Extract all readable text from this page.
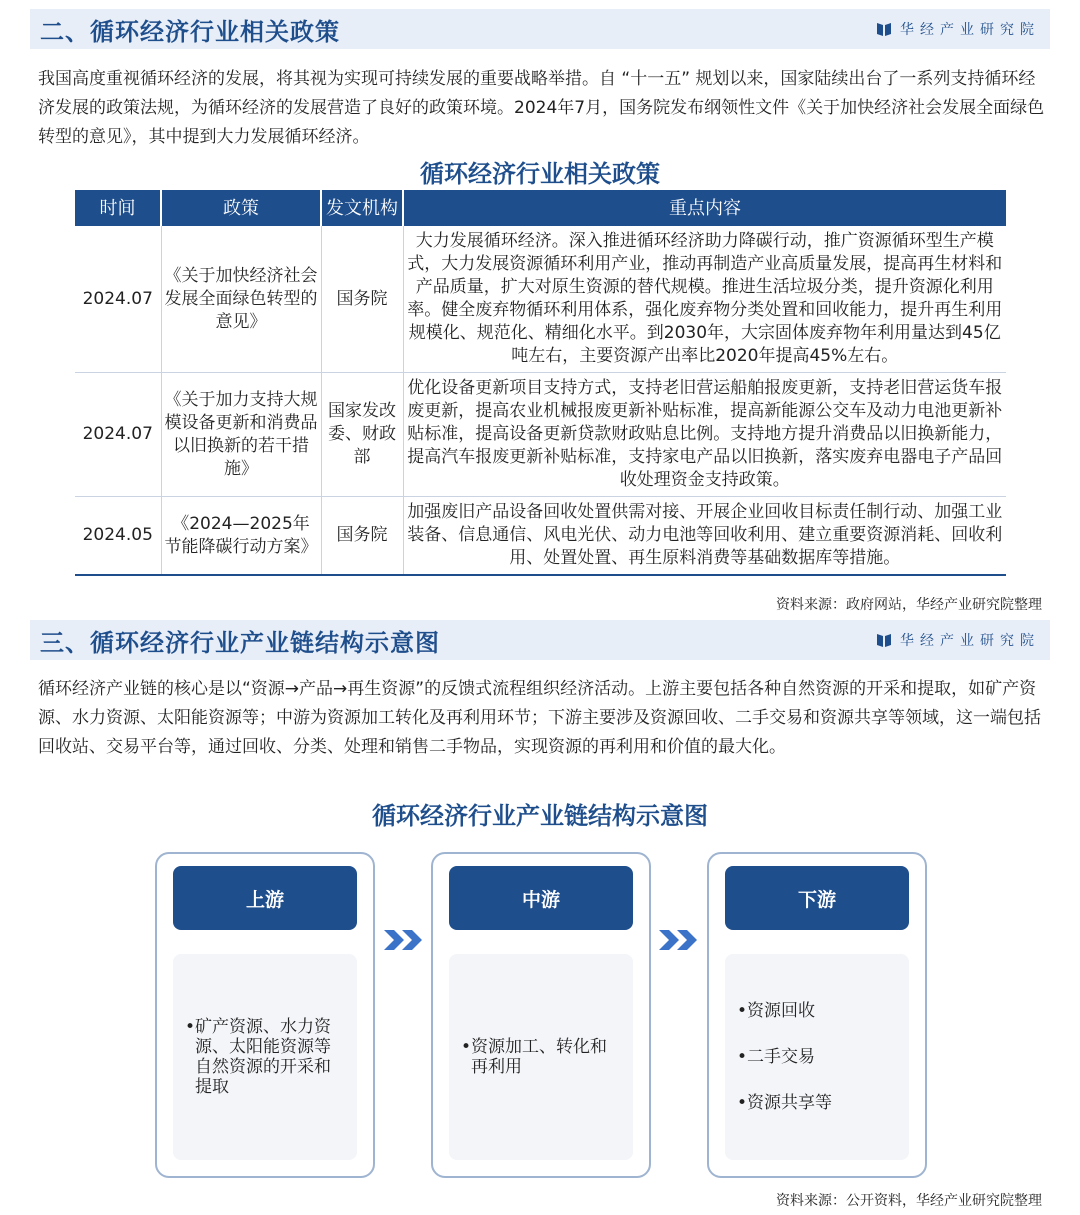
二、循环经济行业相关政策	华经产业研究院

我国高度重视循环经济的发展，将其视为实现可持续发展的重要战略举措。自 “十一五” 规划以来，国家陆续出台了一系列支持循环经济发展的政策法规，为循环经济的发展营造了良好的政策环境。2024年7月，国务院发布纲领性文件《关于加快经济社会发展全面绿色转型的意见》，其中提到大力发展循环经济。

循环经济行业相关政策
时间	政策	发文机构	重点内容
2024.07	《关于加快经济社会发展全面绿色转型的意见》	国务院	大力发展循环经济。深入推进循环经济助力降碳行动，推广资源循环型生产模式，大力发展资源循环利用产业，推动再制造产业高质量发展，提高再生材料和产品质量，扩大对原生资源的替代规模。推进生活垃圾分类，提升资源化利用率。健全废弃物循环利用体系，强化废弃物分类处置和回收能力，提升再生利用规模化、规范化、精细化水平。到2030年，大宗固体废弃物年利用量达到45亿吨左右，主要资源产出率比2020年提高45%左右。
2024.07	《关于加力支持大规模设备更新和消费品以旧换新的若干措施》	国家发改委、财政部	优化设备更新项目支持方式，支持老旧营运船舶报废更新，支持老旧营运货车报废更新，提高农业机械报废更新补贴标准，提高新能源公交车及动力电池更新补贴标准，提高设备更新贷款财政贴息比例。支持地方提升消费品以旧换新能力，提高汽车报废更新补贴标准，支持家电产品以旧换新，落实废弃电器电子产品回收处理资金支持政策。
2024.05	《2024—2025年节能降碳行动方案》	国务院	加强废旧产品设备回收处置供需对接、开展企业回收目标责任制行动、加强工业装备、信息通信、风电光伏、动力电池等回收利用、建立重要资源消耗、回收利用、处置处置、再生原料消费等基础数据库等措施。
资料来源：政府网站，华经产业研究院整理
三、循环经济行业产业链结构示意图	华经产业研究院

循环经济产业链的核心是以“资源→产品→再生资源”的反馈式流程组织经济活动。上游主要包括各种自然资源的开采和提取，如矿产资源、水力资源、太阳能资源等；中游为资源加工转化及再利用环节；下游主要涉及资源回收、二手交易和资源共享等领域，这一端包括回收站、交易平台等，通过回收、分类、处理和销售二手物品，实现资源的再利用和价值的最大化。

循环经济行业产业链结构示意图
上游
• 矿产资源、水力资源、太阳能资源等自然资源的开采和提取
中游
• 资源加工、转化和再利用
下游
• 资源回收
• 二手交易
• 资源共享等
资料来源：公开资料，华经产业研究院整理
